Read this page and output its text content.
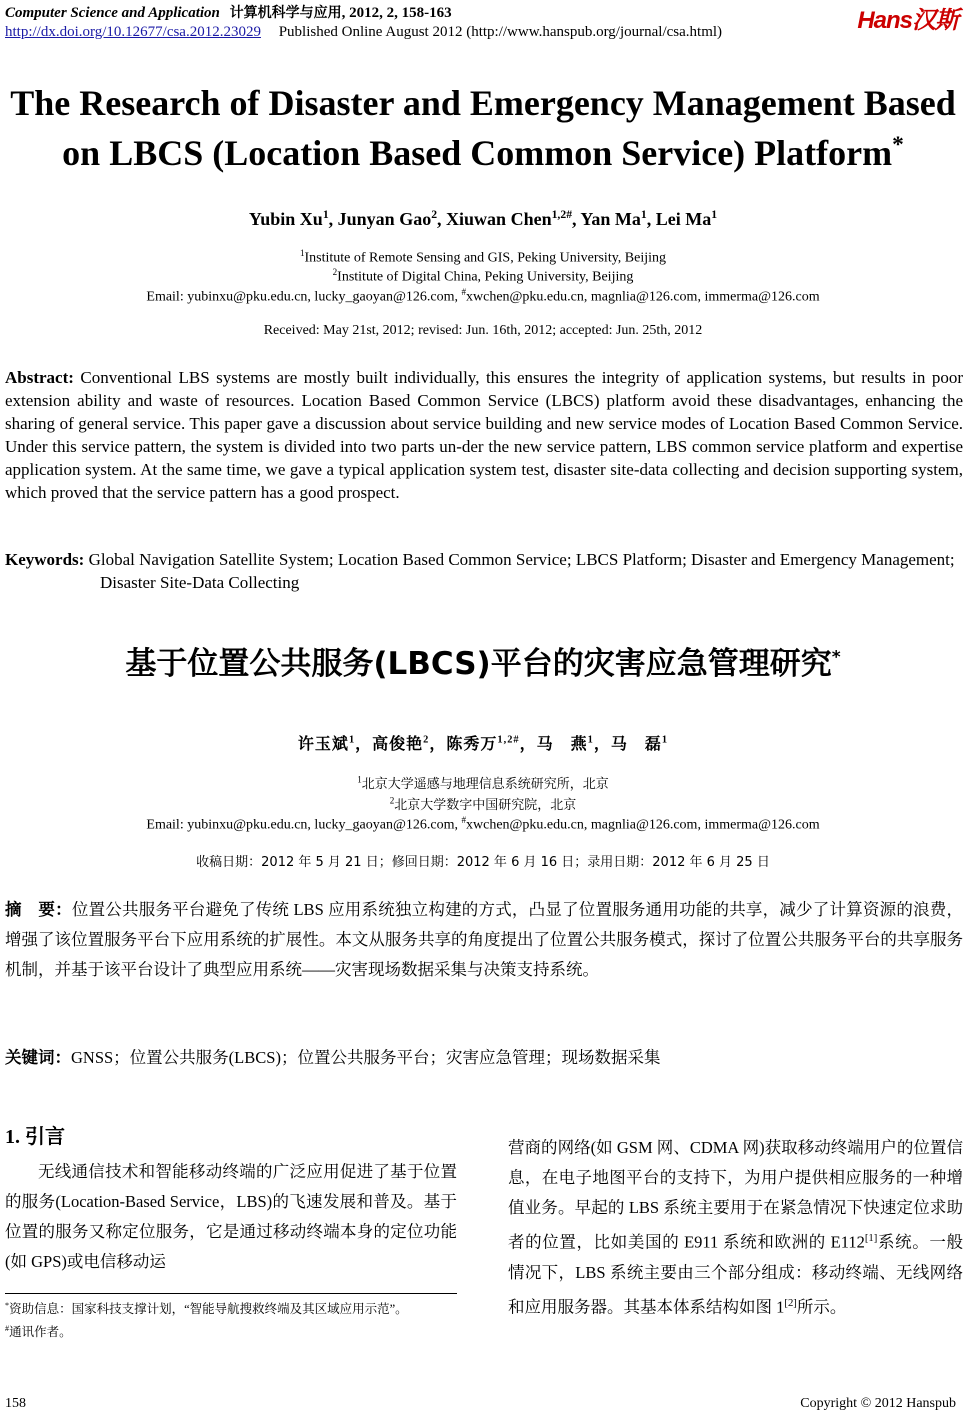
Computer Science and Application 计算机科学与应用, 2012, 2, 158-163
http://dx.doi.org/10.12677/csa.2012.23029 Published Online August 2012 (http://www.hanspub.org/journal/csa.html)	Hans汉斯
The Research of Disaster and Emergency Management Based
on LBCS (Location Based Common Service) Platform*
Yubin Xu$^1$, Junyan Gao$^2$, Xiuwan Chen$^{1,2\#}$, Yan Ma$^1$, Lei Ma$^1$
$^1$Institute of Remote Sensing and GIS, Peking University, Beijing
$^2$Institute of Digital China, Peking University, Beijing
Email: yubinxu@pku.edu.cn, lucky_gaoyan@126.com, #xwchen@pku.edu.cn, magnlia@126.com, immerma@126.com
Received: May 21st, 2012; revised: Jun. 16th, 2012; accepted: Jun. 25th, 2012
Abstract: Conventional LBS systems are mostly built individually, this ensures the integrity of application systems, but results in poor extension ability and waste of resources. Location Based Common Service (LBCS) platform avoid these disadvantages, enhancing the sharing of general service. This paper gave a discussion about service building and new service modes of Location Based Common Service. Under this service pattern, the system is divided into two parts un-der the new service pattern, LBS common service platform and expertise application system. At the same time, we gave a typical application system test, disaster site-data collecting and decision supporting system, which proved that the service pattern has a good prospect.
Keywords: Global Navigation Satellite System; Location Based Common Service; LBCS Platform; Disaster and Emergency Management; Disaster Site-Data Collecting
基于位置公共服务(LBCS)平台的灾害应急管理研究*
许玉斌$^1$，高俊艳$^2$，陈秀万$^{1,2\#}$，马　燕$^1$，马　磊$^1$
$^1$北京大学遥感与地理信息系统研究所，北京
$^2$北京大学数字中国研究院，北京
Email: yubinxu@pku.edu.cn, lucky_gaoyan@126.com, #xwchen@pku.edu.cn, magnlia@126.com, immerma@126.com
收稿日期：2012 年 5 月 21 日；修回日期：2012 年 6 月 16 日；录用日期：2012 年 6 月 25 日
摘　要：位置公共服务平台避免了传统 LBS 应用系统独立构建的方式，凸显了位置服务通用功能的共享，减少了计算资源的浪费，增强了该位置服务平台下应用系统的扩展性。本文从服务共享的角度提出了位置公共服务模式，探讨了位置公共服务平台的共享服务机制，并基于该平台设计了典型应用系统——灾害现场数据采集与决策支持系统。
关键词：GNSS；位置公共服务(LBCS)；位置公共服务平台；灾害应急管理；现场数据采集
1. 引言
无线通信技术和智能移动终端的广泛应用促进了基于位置的服务(Location-Based Service，LBS)的飞速发展和普及。基于位置的服务又称定位服务，它是通过移动终端本身的定位功能(如 GPS)或电信移动运
*资助信息：国家科技支撑计划，“智能导航搜救终端及其区域应用示范”。
#通讯作者。
营商的网络(如 GSM 网、CDMA 网)获取移动终端用户的位置信息，在电子地图平台的支持下，为用户提供相应服务的一种增值业务。早起的 LBS 系统主要用于在紧急情况下快速定位求助者的位置，比如美国的 E911 系统和欧洲的 E112[1]系统。一般情况下，LBS 系统主要由三个部分组成：移动终端、无线网络和应用服务器。其基本体系结构如图 1[2]所示。
158	Copyright © 2012 Hanspub
